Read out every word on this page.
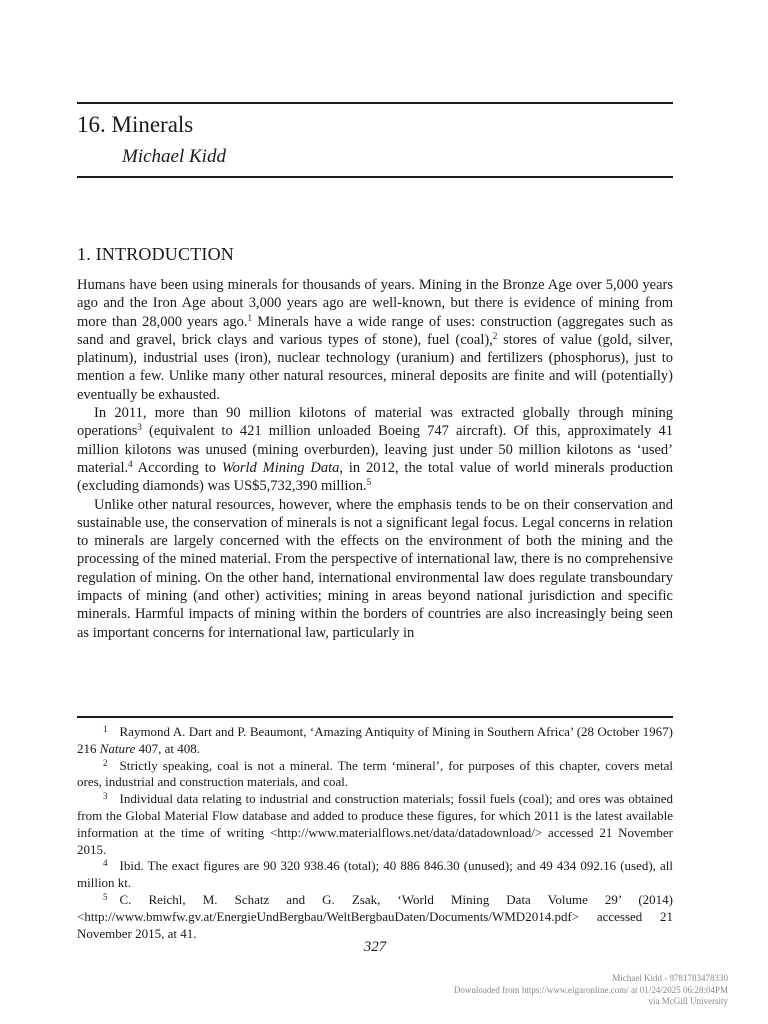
16. Minerals
Michael Kidd
1. INTRODUCTION

Humans have been using minerals for thousands of years. Mining in the Bronze Age over 5,000 years ago and the Iron Age about 3,000 years ago are well-known, but there is evidence of mining from more than 28,000 years ago.$^1$ Minerals have a wide range of uses: construction (aggregates such as sand and gravel, brick clays and various types of stone), fuel (coal),$^2$ stores of value (gold, silver, platinum), industrial uses (iron), nuclear technology (uranium) and fertilizers (phosphorus), just to mention a few. Unlike many other natural resources, mineral deposits are finite and will (potentially) eventually be exhausted.

In 2011, more than 90 million kilotons of material was extracted globally through mining operations$^3$ (equivalent to 421 million unloaded Boeing 747 aircraft). Of this, approximately 41 million kilotons was unused (mining overburden), leaving just under 50 million kilotons as ‘used’ material.$^4$ According to World Mining Data, in 2012, the total value of world minerals production (excluding diamonds) was US$5,732,390 million.$^5$

Unlike other natural resources, however, where the emphasis tends to be on their conservation and sustainable use, the conservation of minerals is not a significant legal focus. Legal concerns in relation to minerals are largely concerned with the effects on the environment of both the mining and the processing of the mined material. From the perspective of international law, there is no comprehensive regulation of mining. On the other hand, international environmental law does regulate transboundary impacts of mining (and other) activities; mining in areas beyond national jurisdiction and specific minerals. Harmful impacts of mining within the borders of countries are also increasingly being seen as important concerns for international law, particularly in

$^1$ Raymond A. Dart and P. Beaumont, ‘Amazing Antiquity of Mining in Southern Africa’ (28 October 1967) 216 Nature 407, at 408.

$^2$ Strictly speaking, coal is not a mineral. The term ‘mineral’, for purposes of this chapter, covers metal ores, industrial and construction materials, and coal.

$^3$ Individual data relating to industrial and construction materials; fossil fuels (coal); and ores was obtained from the Global Material Flow database and added to produce these figures, for which 2011 is the latest available information at the time of writing <http://www.materialflows.net/data/datadownload/> accessed 21 November 2015.

$^4$ Ibid. The exact figures are 90 320 938.46 (total); 40 886 846.30 (unused); and 49 434 092.16 (used), all million kt.

$^5$ C. Reichl, M. Schatz and G. Zsak, ‘World Mining Data Volume 29’ (2014) <http://www.bmwfw.gv.at/EnergieUndBergbau/WeltBergbauDaten/Documents/WMD2014.pdf> accessed 21 November 2015, at 41.

327
Michael Kidd - 9781783478330
Downloaded from https://www.elgaronline.com/ at 01/24/2025 06:28:04PM
via McGill University
